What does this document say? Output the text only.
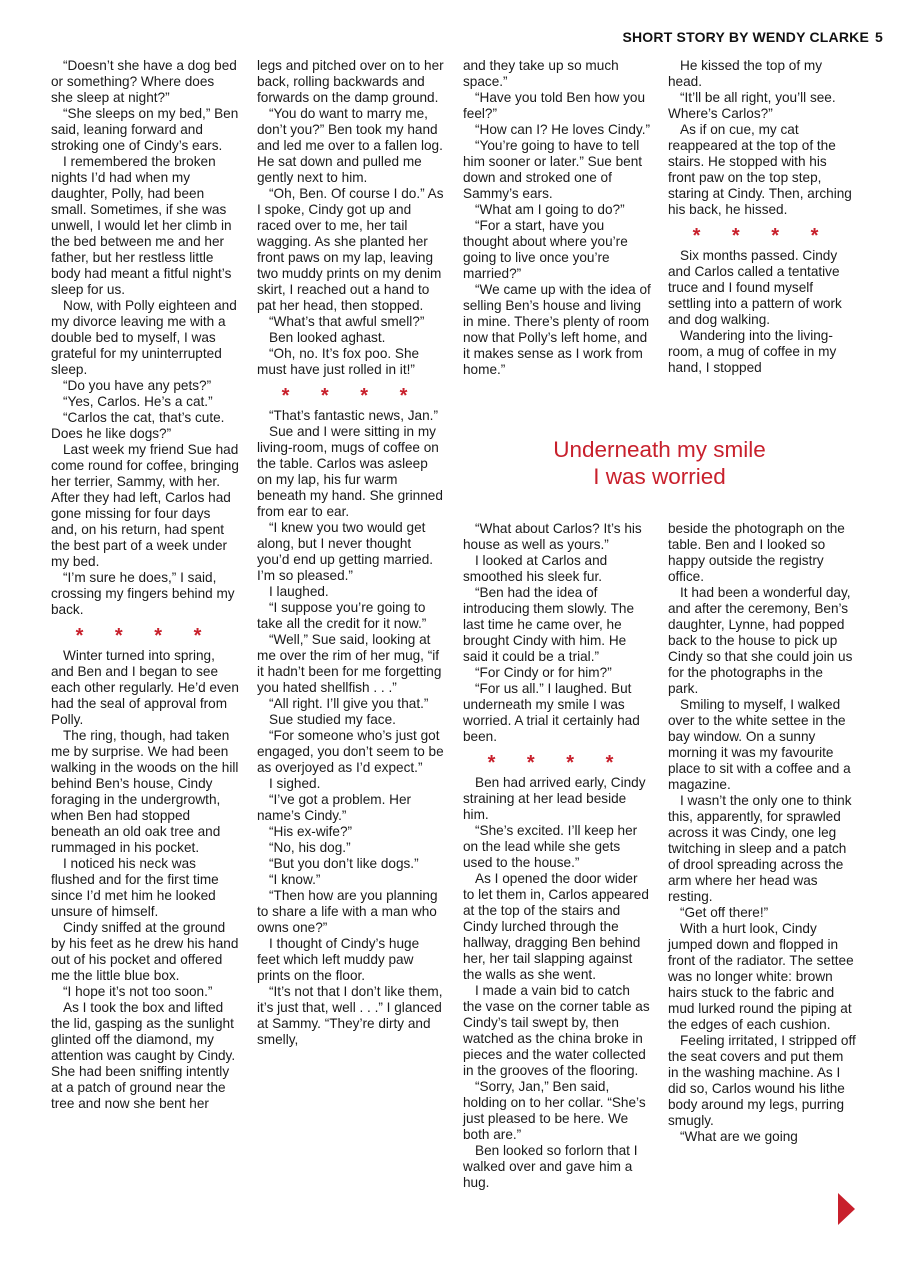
SHORT STORY BY WENDY CLARKE 5

“Doesn’t she have a dog bed or something? Where does she sleep at night?”

“She sleeps on my bed,” Ben said, leaning forward and stroking one of Cindy’s ears.

I remembered the broken nights I’d had when my daughter, Polly, had been small. Sometimes, if she was unwell, I would let her climb in the bed between me and her father, but her restless little body had meant a fitful night’s sleep for us.

Now, with Polly eighteen and my divorce leaving me with a double bed to myself, I was grateful for my uninterrupted sleep.

“Do you have any pets?”

“Yes, Carlos. He’s a cat.”

“Carlos the cat, that’s cute. Does he like dogs?”

Last week my friend Sue had come round for coffee, bringing her terrier, Sammy, with her. After they had left, Carlos had gone missing for four days and, on his return, had spent the best part of a week under my bed.

“I’m sure he does,” I said, crossing my fingers behind my back.

* * * *

Winter turned into spring, and Ben and I began to see each other regularly. He’d even had the seal of approval from Polly.

The ring, though, had taken me by surprise. We had been walking in the woods on the hill behind Ben’s house, Cindy foraging in the undergrowth, when Ben had stopped beneath an old oak tree and rummaged in his pocket.

I noticed his neck was flushed and for the first time since I’d met him he looked unsure of himself.

Cindy sniffed at the ground by his feet as he drew his hand out of his pocket and offered me the little blue box.

“I hope it’s not too soon.”

As I took the box and lifted the lid, gasping as the sunlight glinted off the diamond, my attention was caught by Cindy. She had been sniffing intently at a patch of ground near the tree and now she bent her

legs and pitched over on to her back, rolling backwards and forwards on the damp ground.

“You do want to marry me, don’t you?” Ben took my hand and led me over to a fallen log. He sat down and pulled me gently next to him.

“Oh, Ben. Of course I do.” As I spoke, Cindy got up and raced over to me, her tail wagging. As she planted her front paws on my lap, leaving two muddy prints on my denim skirt, I reached out a hand to pat her head, then stopped.

“What’s that awful smell?”

Ben looked aghast.

“Oh, no. It’s fox poo. She must have just rolled in it!”

* * * *

“That’s fantastic news, Jan.”

Sue and I were sitting in my living-room, mugs of coffee on the table. Carlos was asleep on my lap, his fur warm beneath my hand. She grinned from ear to ear.

“I knew you two would get along, but I never thought you’d end up getting married. I’m so pleased.”

I laughed.

“I suppose you’re going to take all the credit for it now.”

“Well,” Sue said, looking at me over the rim of her mug, “if it hadn’t been for me forgetting you hated shellfish . . .”

“All right. I’ll give you that.”

Sue studied my face.

“For someone who’s just got engaged, you don’t seem to be as overjoyed as I’d expect.”

I sighed.

“I’ve got a problem. Her name’s Cindy.”

“His ex-wife?”

“No, his dog.”

“But you don’t like dogs.”

“I know.”

“Then how are you planning to share a life with a man who owns one?”

I thought of Cindy’s huge feet which left muddy paw prints on the floor.

“It’s not that I don’t like them, it’s just that, well . . .” I glanced at Sammy. “They’re dirty and smelly,

and they take up so much space.”

“Have you told Ben how you feel?”

“How can I? He loves Cindy.”

“You’re going to have to tell him sooner or later.” Sue bent down and stroked one of Sammy’s ears.

“What am I going to do?”

“For a start, have you thought about where you’re going to live once you’re married?”

“We came up with the idea of selling Ben’s house and living in mine. There’s plenty of room now that Polly’s left home, and it makes sense as I work from home.”

He kissed the top of my head.

“It’ll be all right, you’ll see. Where’s Carlos?”

As if on cue, my cat reappeared at the top of the stairs. He stopped with his front paw on the top step, staring at Cindy. Then, arching his back, he hissed.

* * * *

Six months passed. Cindy and Carlos called a tentative truce and I found myself settling into a pattern of work and dog walking.

Wandering into the living-room, a mug of coffee in my hand, I stopped

Underneath my smile
I was worried

“What about Carlos? It’s his house as well as yours.”

I looked at Carlos and smoothed his sleek fur.

“Ben had the idea of introducing them slowly. The last time he came over, he brought Cindy with him. He said it could be a trial.”

“For Cindy or for him?”

“For us all.” I laughed. But underneath my smile I was worried. A trial it certainly had been.

* * * *

Ben had arrived early, Cindy straining at her lead beside him.

“She’s excited. I’ll keep her on the lead while she gets used to the house.”

As I opened the door wider to let them in, Carlos appeared at the top of the stairs and Cindy lurched through the hallway, dragging Ben behind her, her tail slapping against the walls as she went.

I made a vain bid to catch the vase on the corner table as Cindy’s tail swept by, then watched as the china broke in pieces and the water collected in the grooves of the flooring.

“Sorry, Jan,” Ben said, holding on to her collar. “She’s just pleased to be here. We both are.”

Ben looked so forlorn that I walked over and gave him a hug.

beside the photograph on the table. Ben and I looked so happy outside the registry office.

It had been a wonderful day, and after the ceremony, Ben’s daughter, Lynne, had popped back to the house to pick up Cindy so that she could join us for the photographs in the park.

Smiling to myself, I walked over to the white settee in the bay window. On a sunny morning it was my favourite place to sit with a coffee and a magazine.

I wasn’t the only one to think this, apparently, for sprawled across it was Cindy, one leg twitching in sleep and a patch of drool spreading across the arm where her head was resting.

“Get off there!”

With a hurt look, Cindy jumped down and flopped in front of the radiator. The settee was no longer white: brown hairs stuck to the fabric and mud lurked round the piping at the edges of each cushion.

Feeling irritated, I stripped off the seat covers and put them in the washing machine. As I did so, Carlos wound his lithe body around my legs, purring smugly.

“What are we going
